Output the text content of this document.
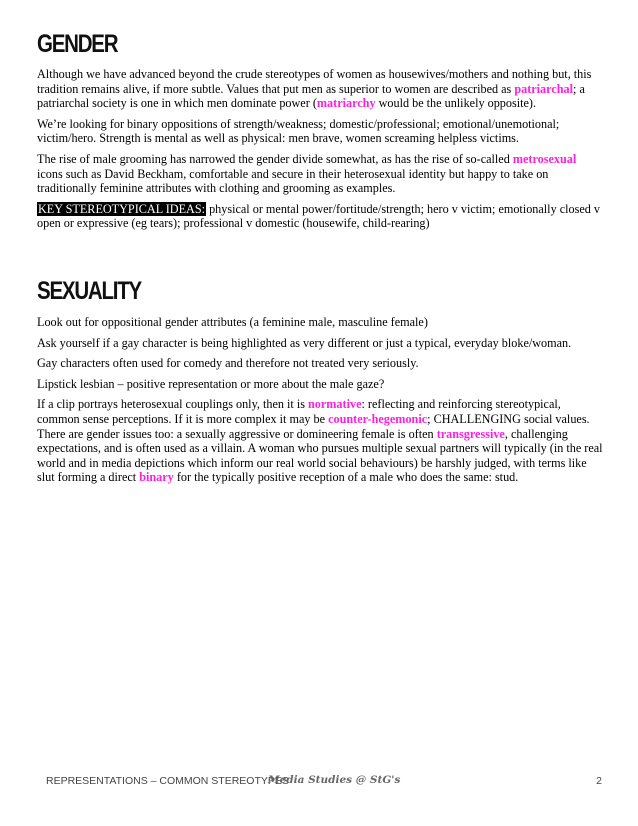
GENDER

Although we have advanced beyond the crude stereotypes of women as housewives/mothers and nothing but, this tradition remains alive, if more subtle. Values that put men as superior to women are described as patriarchal; a patriarchal society is one in which men dominate power (matriarchy would be the unlikely opposite).

We’re looking for binary oppositions of strength/weakness; domestic/professional; emotional/unemotional; victim/hero. Strength is mental as well as physical: men brave, women screaming helpless victims.

The rise of male grooming has narrowed the gender divide somewhat, as has the rise of so-called metrosexual icons such as David Beckham, comfortable and secure in their heterosexual identity but happy to take on traditionally feminine attributes with clothing and grooming as examples.

KEY STEREOTYPICAL IDEAS: physical or mental power/fortitude/strength; hero v victim; emotionally closed v open or expressive (eg tears); professional v domestic (housewife, child-rearing)

SEXUALITY

Look out for oppositional gender attributes (a feminine male, masculine female)

Ask yourself if a gay character is being highlighted as very different or just a typical, everyday bloke/woman.

Gay characters often used for comedy and therefore not treated very seriously.

Lipstick lesbian – positive representation or more about the male gaze?

If a clip portrays heterosexual couplings only, then it is normative: reflecting and reinforcing stereotypical, common sense perceptions. If it is more complex it may be counter-hegemonic; CHALLENGING social values. There are gender issues too: a sexually aggressive or domineering female is often transgressive, challenging expectations, and is often used as a villain. A woman who pursues multiple sexual partners will typically (in the real world and in media depictions which inform our real world social behaviours) be harshly judged, with terms like slut forming a direct binary for the typically positive reception of a male who does the same: stud.

REPRESENTATIONS – COMMON STEREOTYPES
Media Studies @ StG's	2
